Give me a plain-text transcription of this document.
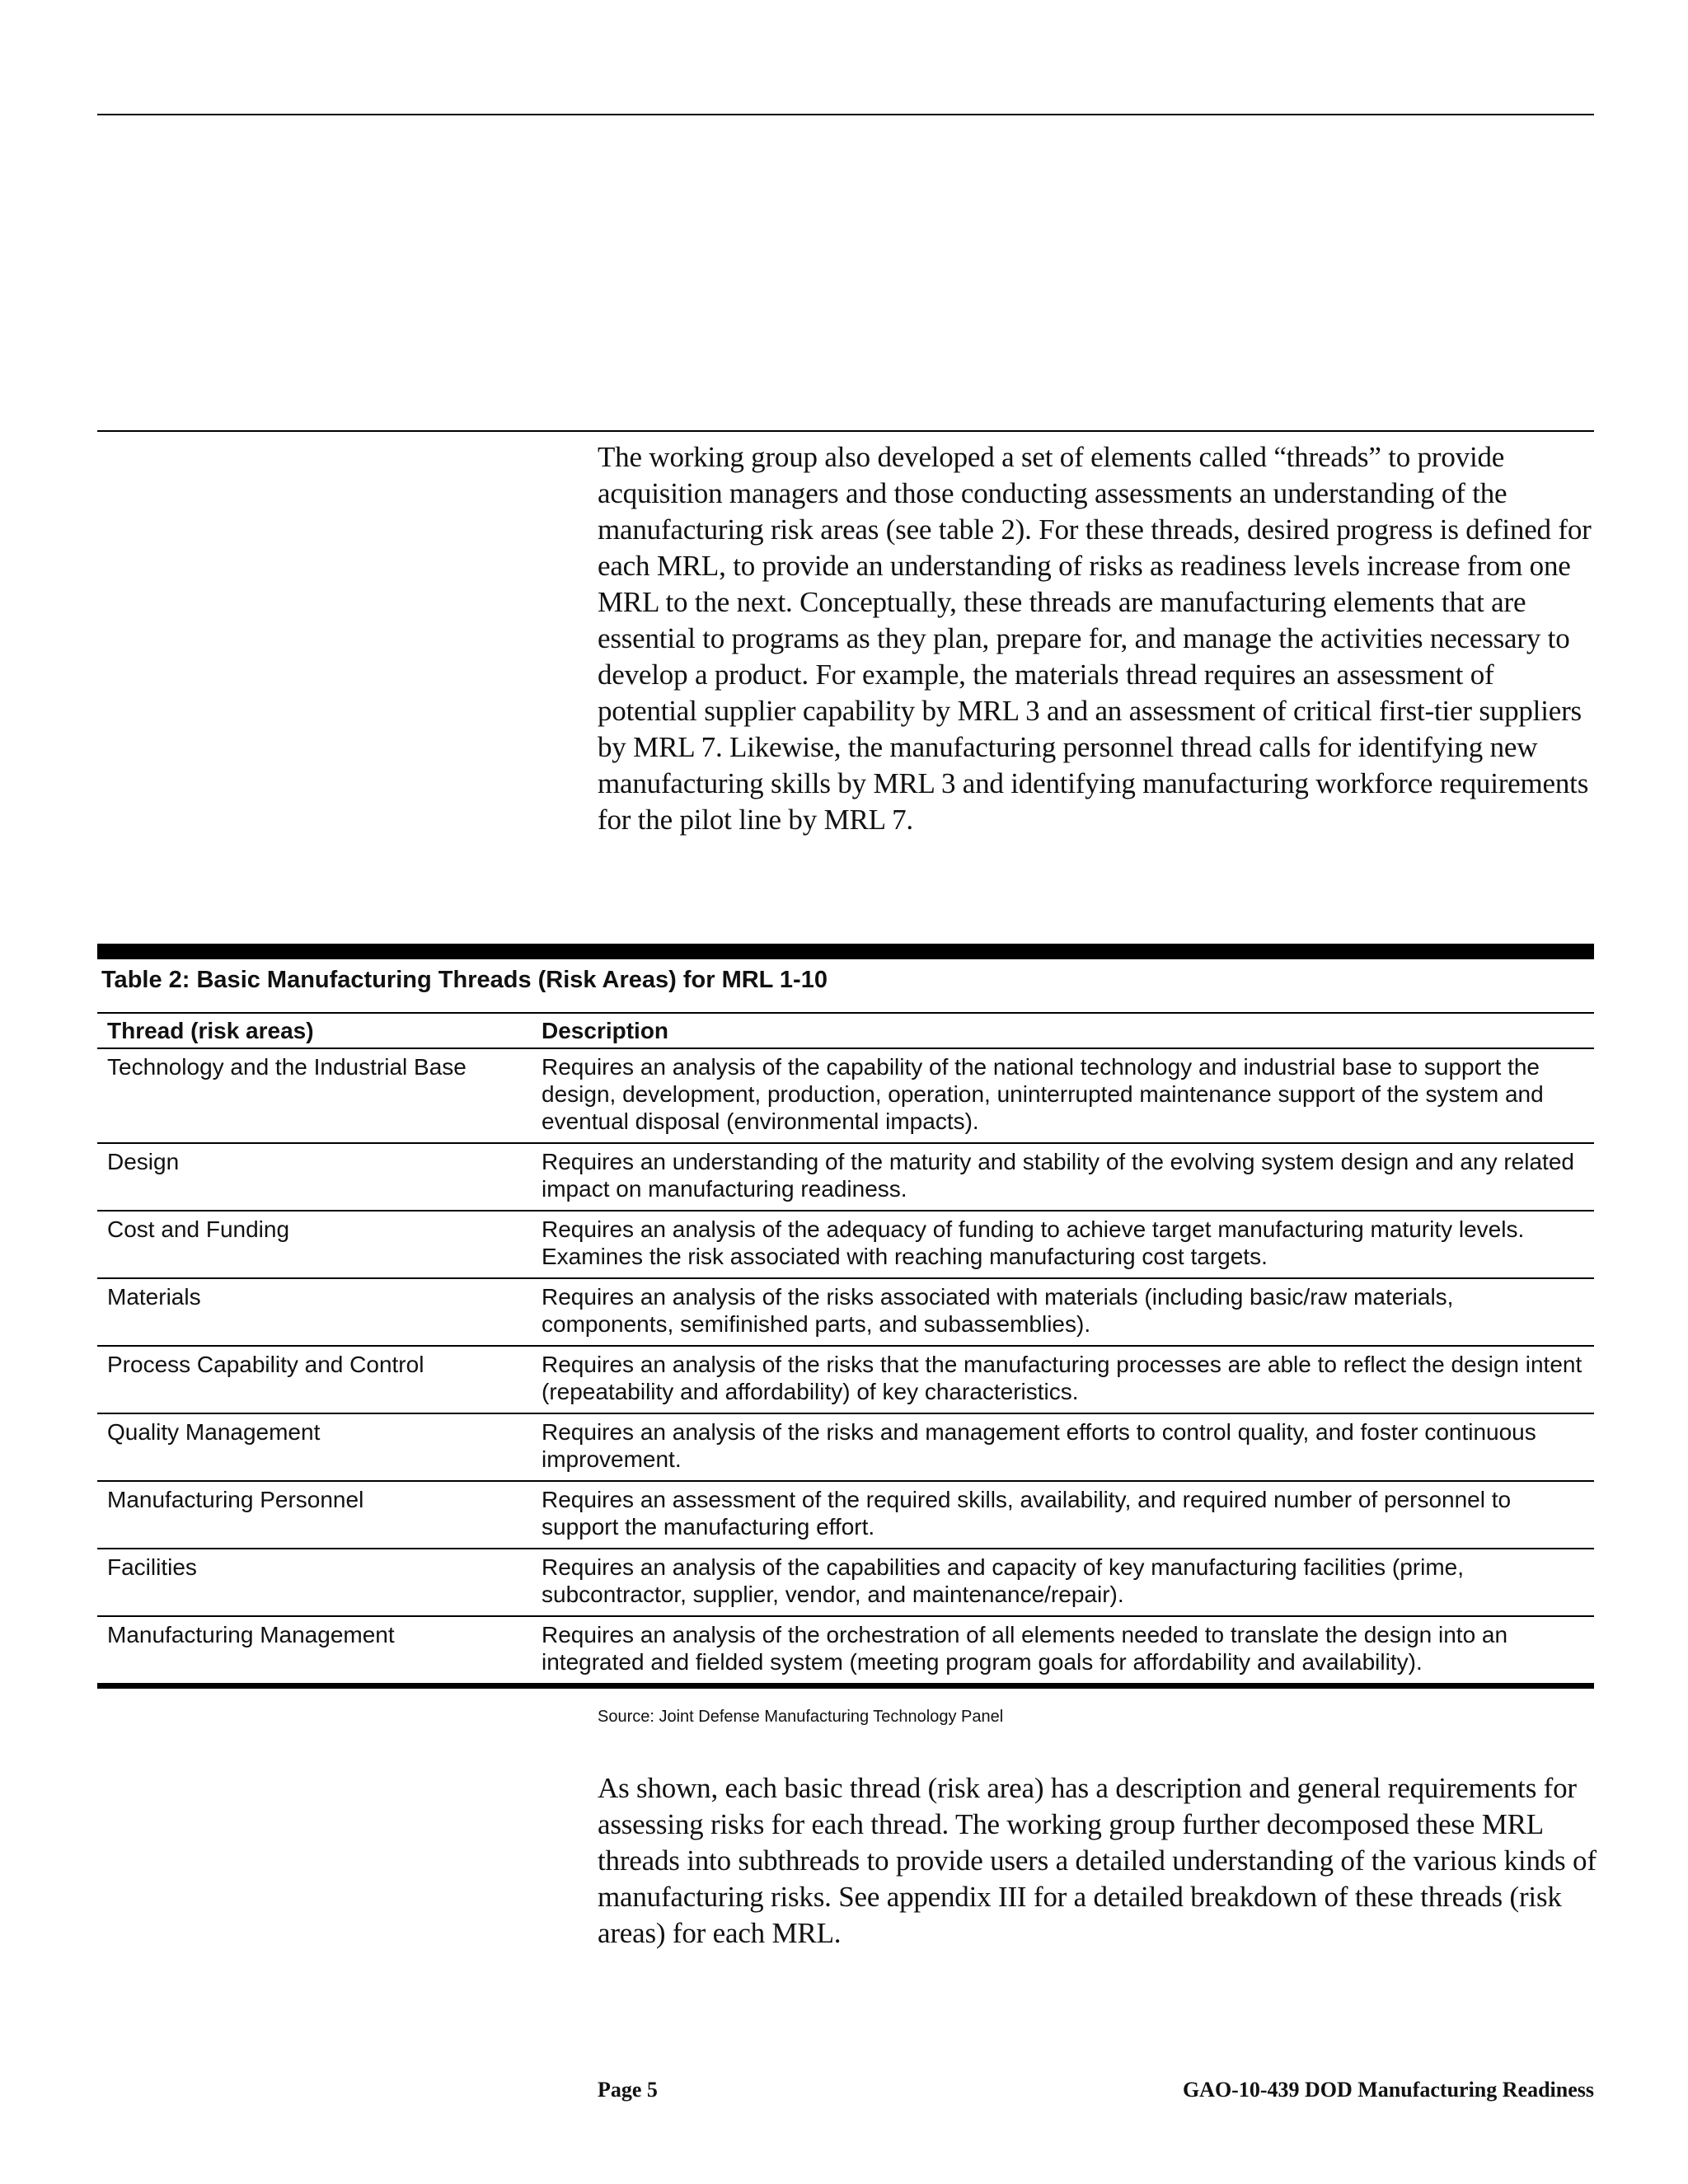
The working group also developed a set of elements called “threads” to provide acquisition managers and those conducting assessments an understanding of the manufacturing risk areas (see table 2). For these threads, desired progress is defined for each MRL, to provide an understanding of risks as readiness levels increase from one MRL to the next. Conceptually, these threads are manufacturing elements that are essential to programs as they plan, prepare for, and manage the activities necessary to develop a product. For example, the materials thread requires an assessment of potential supplier capability by MRL 3 and an assessment of critical first-tier suppliers by MRL 7. Likewise, the manufacturing personnel thread calls for identifying new manufacturing skills by MRL 3 and identifying manufacturing workforce requirements for the pilot line by MRL 7.

Table 2: Basic Manufacturing Threads (Risk Areas) for MRL 1-10
Thread (risk areas)	Description
Technology and the Industrial Base	Requires an analysis of the capability of the national technology and industrial base to support the design, development, production, operation, uninterrupted maintenance support of the system and eventual disposal (environmental impacts).
Design	Requires an understanding of the maturity and stability of the evolving system design and any related impact on manufacturing readiness.
Cost and Funding	Requires an analysis of the adequacy of funding to achieve target manufacturing maturity levels. Examines the risk associated with reaching manufacturing cost targets.
Materials	Requires an analysis of the risks associated with materials (including basic/raw materials, components, semifinished parts, and subassemblies).
Process Capability and Control	Requires an analysis of the risks that the manufacturing processes are able to reflect the design intent (repeatability and affordability) of key characteristics.
Quality Management	Requires an analysis of the risks and management efforts to control quality, and foster continuous improvement.
Manufacturing Personnel	Requires an assessment of the required skills, availability, and required number of personnel to support the manufacturing effort.
Facilities	Requires an analysis of the capabilities and capacity of key manufacturing facilities (prime, subcontractor, supplier, vendor, and maintenance/repair).
Manufacturing Management	Requires an analysis of the orchestration of all elements needed to translate the design into an integrated and fielded system (meeting program goals for affordability and availability).
Source: Joint Defense Manufacturing Technology Panel

As shown, each basic thread (risk area) has a description and general requirements for assessing risks for each thread. The working group further decomposed these MRL threads into subthreads to provide users a detailed understanding of the various kinds of manufacturing risks. See appendix III for a detailed breakdown of these threads (risk areas) for each MRL.

Page 5	GAO-10-439 DOD Manufacturing Readiness
